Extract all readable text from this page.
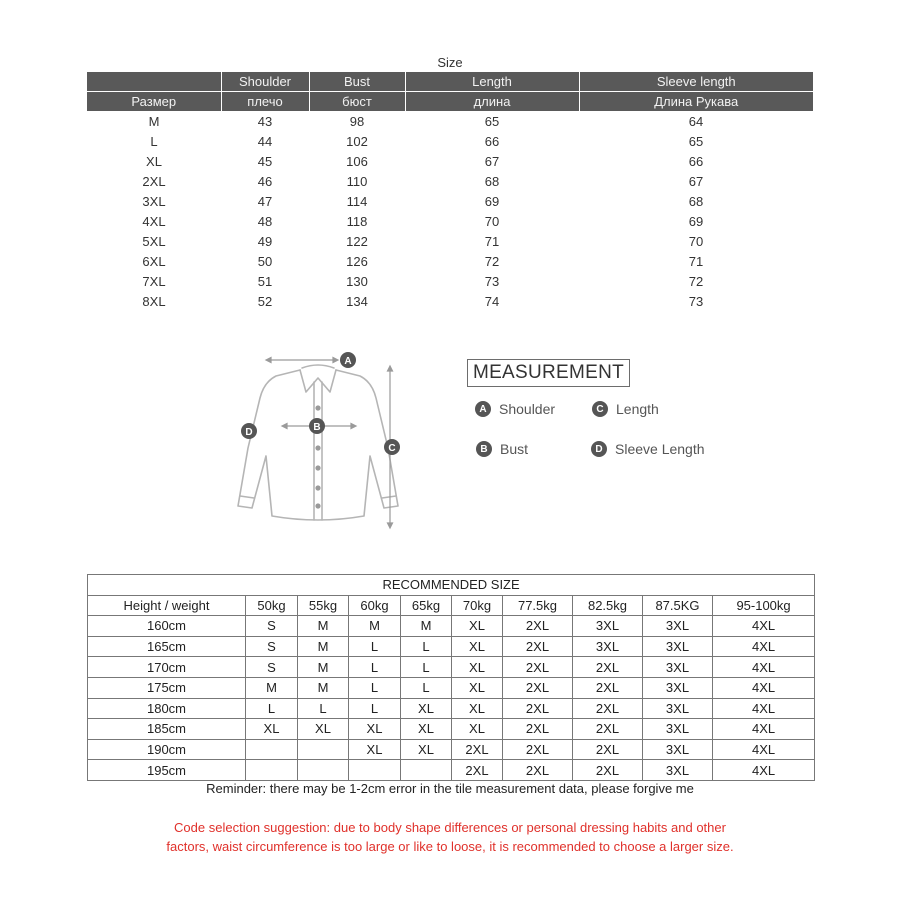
Size
	Shoulder	Bust	Length	Sleeve length
Размер	плечо	бюст	длина	Длина Рукава
M	43	98	65	64
L	44	102	66	65
XL	45	106	67	66
2XL	46	110	68	67
3XL	47	114	69	68
4XL	48	118	70	69
5XL	49	122	71	70
6XL	50	126	72	71
7XL	51	130	73	72
8XL	52	134	74	73
A
B
C
D
MEASUREMENT
A Shoulder	C Length
B Bust	D Sleeve Length
RECOMMENDED SIZE									
Height / weight	50kg	55kg	60kg	65kg	70kg	77.5kg	82.5kg	87.5KG	95-100kg
160cm	S	M	M	M	XL	2XL	3XL	3XL	4XL
165cm	S	M	L	L	XL	2XL	3XL	3XL	4XL
170cm	S	M	L	L	XL	2XL	2XL	3XL	4XL
175cm	M	M	L	L	XL	2XL	2XL	3XL	4XL
180cm	L	L	L	XL	XL	2XL	2XL	3XL	4XL
185cm	XL	XL	XL	XL	XL	2XL	2XL	3XL	4XL
190cm			XL	XL	2XL	2XL	2XL	3XL	4XL
195cm					2XL	2XL	2XL	3XL	4XL
Reminder: there may be 1-2cm error in the tile measurement data, please forgive me
Code selection suggestion: due to body shape differences or personal dressing habits and other
factors, waist circumference is too large or like to loose, it is recommended to choose a larger size.
